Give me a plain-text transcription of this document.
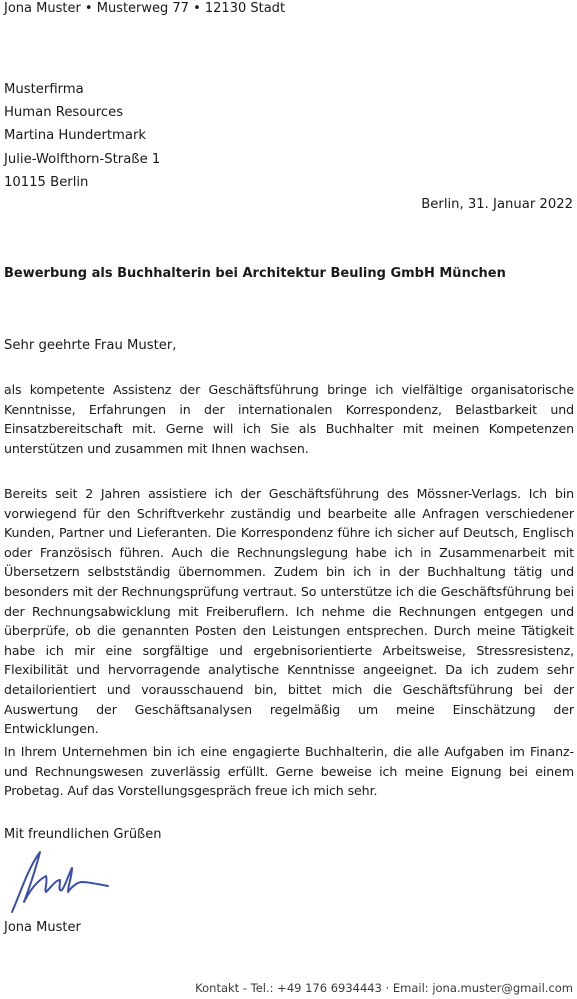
Jona Muster • Musterweg 77 • 12130 Stadt
Musterfirma
Human Resources
Martina Hundertmark
Julie-Wolfthorn-Straße 1
10115 Berlin
Berlin, 31. Januar 2022
Bewerbung als Buchhalterin bei Architektur Beuling GmbH München
Sehr geehrte Frau Muster,

als kompetente Assistenz der Geschäftsführung bringe ich vielfältige organisatorische Kenntnisse, Erfahrungen in der internationalen Korrespondenz, Belastbarkeit und Einsatzbereitschaft mit. Gerne will ich Sie als Buchhalter mit meinen Kompetenzen unterstützen und zusammen mit Ihnen wachsen.

Bereits seit 2 Jahren assistiere ich der Geschäftsführung des Mössner-Verlags. Ich bin vorwiegend für den Schriftverkehr zuständig und bearbeite alle Anfragen verschiedener Kunden, Partner und Lieferanten. Die Korrespondenz führe ich sicher auf Deutsch, Englisch oder Französisch führen. Auch die Rechnungslegung habe ich in Zusammenarbeit mit Übersetzern selbstständig übernommen. Zudem bin ich in der Buchhaltung tätig und besonders mit der Rechnungsprüfung vertraut. So unterstütze ich die Geschäftsführung bei der Rechnungsabwicklung mit Freiberuflern. Ich nehme die Rechnungen entgegen und überprüfe, ob die genannten Posten den Leistungen entsprechen. Durch meine Tätigkeit habe ich mir eine sorgfältige und ergebnisorientierte Arbeitsweise, Stressresistenz, Flexibilität und hervorragende analytische Kenntnisse angeeignet. Da ich zudem sehr detailorientiert und vorausschauend bin, bittet mich die Geschäftsführung bei der Auswertung der Geschäftsanalysen regelmäßig um meine Einschätzung der Entwicklungen.

In Ihrem Unternehmen bin ich eine engagierte Buchhalterin, die alle Aufgaben im Finanz- und Rechnungswesen zuverlässig erfüllt. Gerne beweise ich meine Eignung bei einem Probetag. Auf das Vorstellungsgespräch freue ich mich sehr.

Mit freundlichen Grüßen
Jona Muster
Kontakt - Tel.: +49 176 6934443 · Email: jona.muster@gmail.com
